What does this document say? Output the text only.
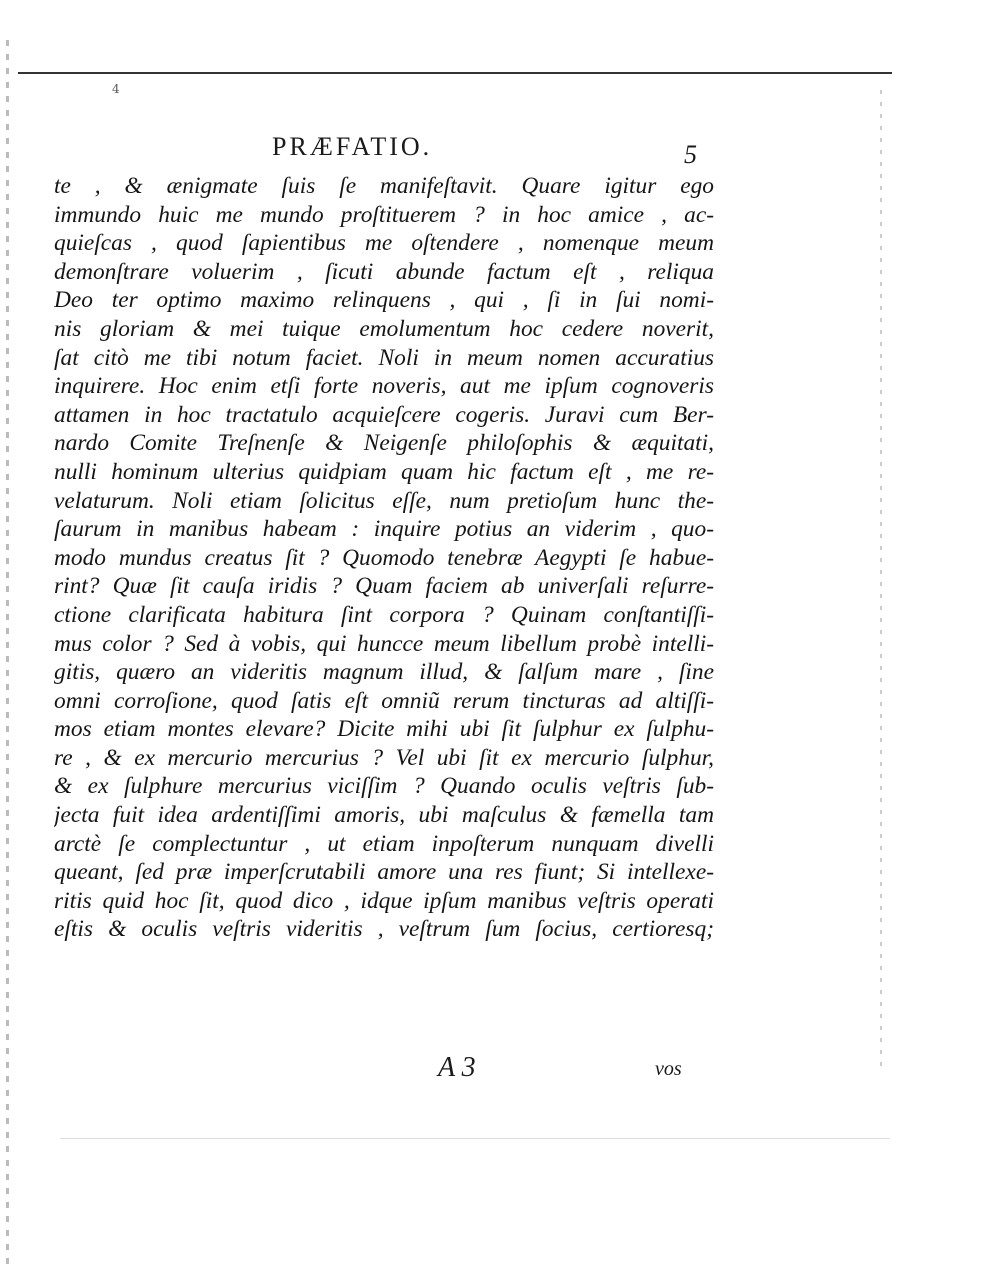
4
PRÆFATIO.	5
te , & ænigmate ſuis ſe manifeſtavit. Quare igitur ego
immundo huic me mundo proſtituerem ? in hoc amice , ac-
quieſcas , quod ſapientibus me oſtendere , nomenque meum
demonſtrare voluerim , ſicuti abunde factum eſt , reliqua
Deo ter optimo maximo relinquens , qui , ſi in ſui nomi-
nis gloriam & mei tuique emolumentum hoc cedere noverit,
ſat citò me tibi notum faciet. Noli in meum nomen accuratius
inquirere. Hoc enim etſi forte noveris, aut me ipſum cognoveris
attamen in hoc tractatulo acquieſcere cogeris. Juravi cum Ber-
nardo Comite Treſnenſe & Neigenſe philoſophis & æquitati,
nulli hominum ulterius quidpiam quam hic factum eſt , me re-
velaturum. Noli etiam ſolicitus eſſe, num pretioſum hunc the-
ſaurum in manibus habeam : inquire potius an viderim , quo-
modo mundus creatus ſit ? Quomodo tenebræ Aegypti ſe habue-
rint? Quæ ſit cauſa iridis ? Quam faciem ab univerſali reſurre-
ctione clarificata habitura ſint corpora ? Quinam conſtantiſſi-
mus color ? Sed à vobis, qui huncce meum libellum probè intelli-
gitis, quæro an videritis magnum illud, & ſalſum mare , ſine
omni corroſione, quod ſatis eſt omniũ rerum tincturas ad altiſſi-
mos etiam montes elevare? Dicite mihi ubi ſit ſulphur ex ſulphu-
re , & ex mercurio mercurius ? Vel ubi ſit ex mercurio ſulphur,
& ex ſulphure mercurius viciſſim ? Quando oculis veſtris ſub-
jecta fuit idea ardentiſſimi amoris, ubi maſculus & fæmella tam
arctè ſe complectuntur , ut etiam inpoſterum nunquam divelli
queant, ſed præ imperſcrutabili amore una res fiunt; Si intellexe-
ritis quid hoc ſit, quod dico , idque ipſum manibus veſtris operati
eſtis & oculis veſtris videritis , veſtrum ſum ſocius, certioresq;
A 3	vos
